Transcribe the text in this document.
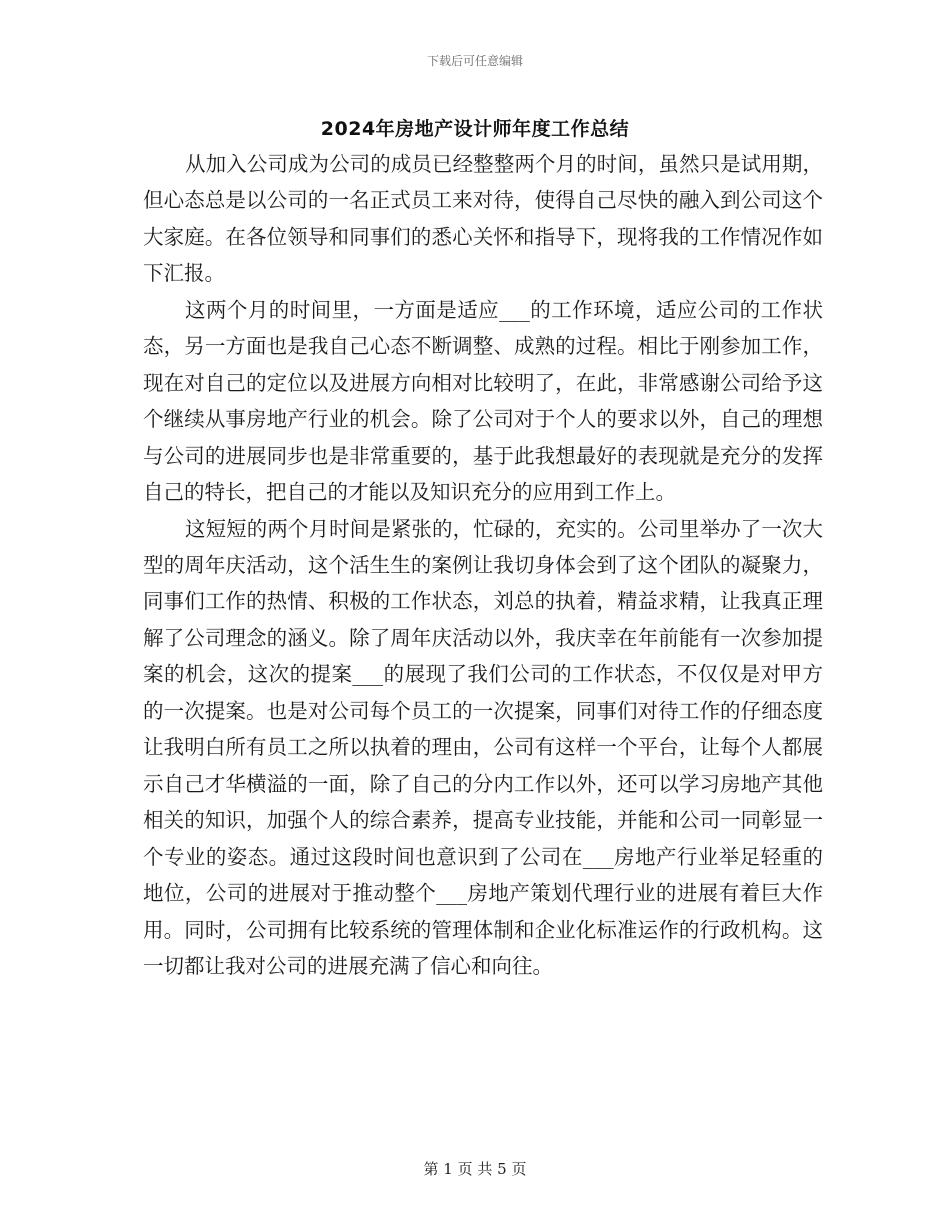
下载后可任意编辑
2024年房地产设计师年度工作总结

从加入公司成为公司的成员已经整整两个月的时间，虽然只是试用期，但心态总是以公司的一名正式员工来对待，使得自己尽快的融入到公司这个大家庭。在各位领导和同事们的悉心关怀和指导下，现将我的工作情况作如下汇报。

这两个月的时间里，一方面是适应___的工作环境，适应公司的工作状态，另一方面也是我自己心态不断调整、成熟的过程。相比于刚参加工作，现在对自己的定位以及进展方向相对比较明了，在此，非常感谢公司给予这个继续从事房地产行业的机会。除了公司对于个人的要求以外，自己的理想与公司的进展同步也是非常重要的，基于此我想最好的表现就是充分的发挥自己的特长，把自己的才能以及知识充分的应用到工作上。

这短短的两个月时间是紧张的，忙碌的，充实的。公司里举办了一次大型的周年庆活动，这个活生生的案例让我切身体会到了这个团队的凝聚力，同事们工作的热情、积极的工作状态，刘总的执着，精益求精，让我真正理解了公司理念的涵义。除了周年庆活动以外，我庆幸在年前能有一次参加提案的机会，这次的提案___的展现了我们公司的工作状态，不仅仅是对甲方的一次提案。也是对公司每个员工的一次提案，同事们对待工作的仔细态度让我明白所有员工之所以执着的理由，公司有这样一个平台，让每个人都展示自己才华横溢的一面，除了自己的分内工作以外，还可以学习房地产其他相关的知识，加强个人的综合素养，提高专业技能，并能和公司一同彰显一个专业的姿态。通过这段时间也意识到了公司在___房地产行业举足轻重的地位，公司的进展对于推动整个___房地产策划代理行业的进展有着巨大作用。同时，公司拥有比较系统的管理体制和企业化标准运作的行政机构。这一切都让我对公司的进展充满了信心和向往。

第 1 页 共 5 页
